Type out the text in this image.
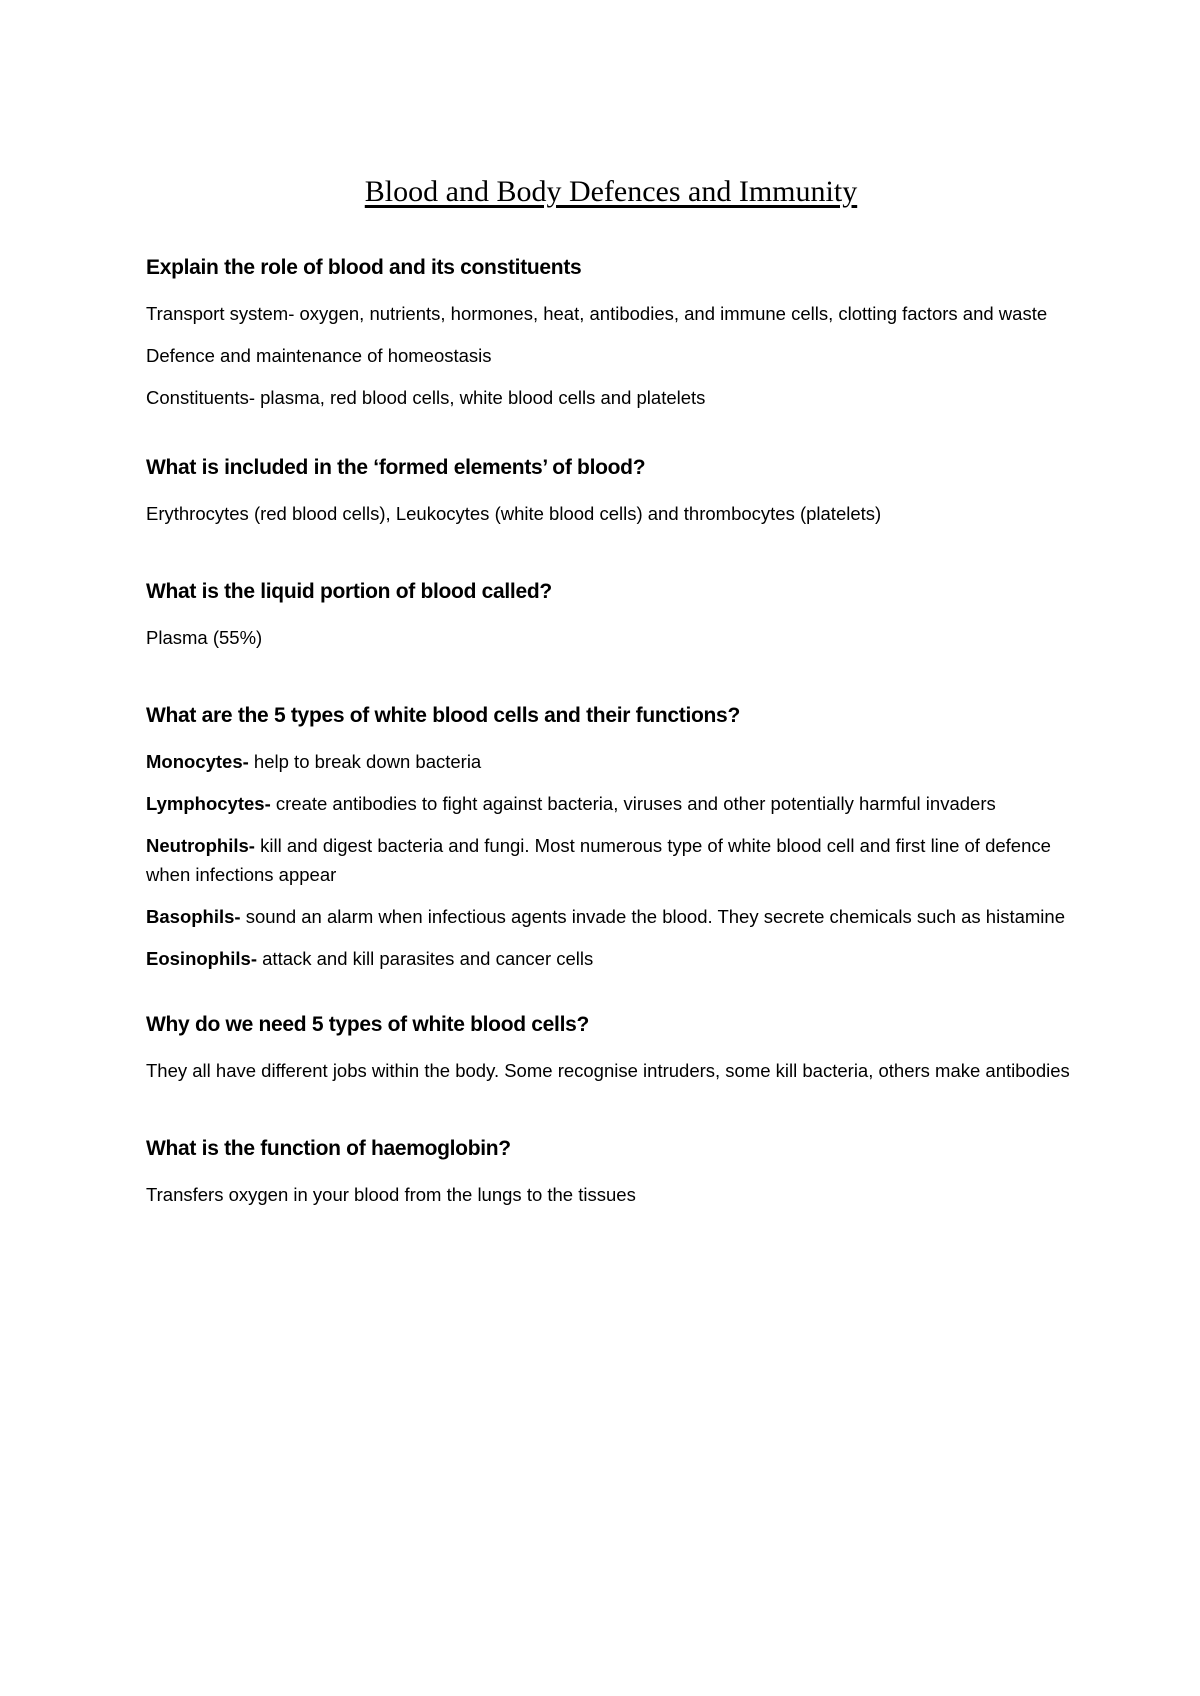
Blood and Body Defences and Immunity

Explain the role of blood and its constituents

Transport system- oxygen, nutrients, hormones, heat, antibodies, and immune cells, clotting factors and waste

Defence and maintenance of homeostasis

Constituents- plasma, red blood cells, white blood cells and platelets

What is included in the ‘formed elements’ of blood?

Erythrocytes (red blood cells), Leukocytes (white blood cells) and thrombocytes (platelets)

What is the liquid portion of blood called?

Plasma (55%)

What are the 5 types of white blood cells and their functions?

Monocytes- help to break down bacteria

Lymphocytes- create antibodies to fight against bacteria, viruses and other potentially harmful invaders

Neutrophils- kill and digest bacteria and fungi. Most numerous type of white blood cell and first line of defence when infections appear

Basophils- sound an alarm when infectious agents invade the blood. They secrete chemicals such as histamine

Eosinophils- attack and kill parasites and cancer cells

Why do we need 5 types of white blood cells?

They all have different jobs within the body. Some recognise intruders, some kill bacteria, others make antibodies

What is the function of haemoglobin?

Transfers oxygen in your blood from the lungs to the tissues
